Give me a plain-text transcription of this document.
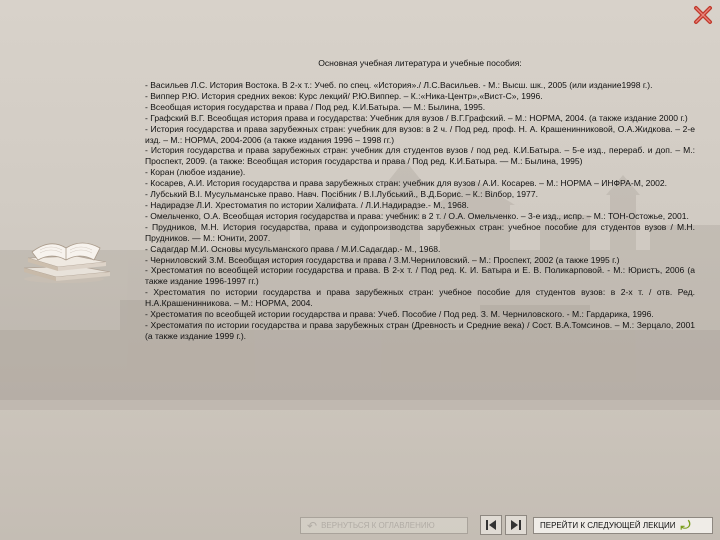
Основная учебная литература и учебные пособия:

- Васильев Л.С. История Востока. В 2-х т.: Учеб. по спец. «История»./ Л.С.Васильев. - М.: Высш. шк., 2005 (или издание1998 г.).

- Виппер Р.Ю. История средних веков: Курс лекций/ Р.Ю.Виппер. – К.:«Ника-Центр»,«Вист-С», 1996.

- Всеобщая история государства и права / Под ред. К.И.Батыра. — М.: Былина, 1995.

- Графский В.Г. Всеобщая история права и государства: Учебник для вузов / В.Г.Графский. – М.: НОРМА, 2004. (а также издание 2000 г.)

- История государства и права зарубежных стран: учебник для вузов: в 2 ч. / Под ред. проф. Н. А. Крашенинниковой, О.А.Жидкова. – 2-е изд. – М.: НОРМА, 2004-2006 (а также издания 1996 – 1998 гг.)

- История государства и права зарубежных стран: учебник для студентов вузов / под ред. К.И.Батыра. – 5-е изд., перераб. и доп. – М.: Проспект, 2009. (а также: Всеобщая история государства и права / Под ред. К.И.Батыра. — М.: Былина, 1995)

- Коран (любое издание).

- Косарев, А.И. История государства и права зарубежных стран: учебник для вузов / А.И. Косарев. – М.: НОРМА – ИНФРА-М, 2002.

- Лубський В.І. Мусульманське право. Навч. Посібник / В.І.Лубський., В.Д.Борис. – К.: Вілбор, 1977.

- Надирадзе Л.И. Хрестоматия по истории Халифата. / Л.И.Надирадзе.- М., 1968.

- Омельченко, О.А. Всеобщая история государства и права: учебник: в 2 т. / О.А. Омельченко. – 3-е изд., испр. – М.: ТОН-Остожье, 2001.

- Прудников, М.Н. История государства, права и судопроизводства зарубежных стран: учебное пособие для студентов вузов / М.Н. Прудников. — М.: Юнити, 2007.

- Садагдар М.И. Основы мусульманского права / М.И.Садагдар.- М., 1968.

- Черниловский З.М. Всеобщая история государства и права / З.М.Черниловский. – М.: Проспект, 2002 (а также 1995 г.)

- Хрестоматия по всеобщей истории государства и права. В 2-х т. / Под ред. К. И. Батыра и Е. В. Поликарповой. - М.: Юристъ, 2006 (а также издание 1996-1997 гг.)

- Хрестоматия по истории государства и права зарубежных стран: учебное пособие для студентов вузов: в 2-х т. / отв. Ред. Н.А.Крашенинникова. – М.: НОРМА, 2004.

- Хрестоматия по всеобщей истории государства и права: Учеб. Пособие / Под ред. З. М. Черниловского. - М.: Гардарика, 1996.

- Хрестоматия по истории государства и права зарубежных стран (Древность и Средние века) / Сост. В.А.Томсинов. – М.: Зерцало, 2001 (а также издание 1999 г.).

↶ ВЕРНУТЬСЯ К ОГЛАВЛЕНИЮ	ПЕРЕЙТИ К СЛЕДУЮЩЕЙ ЛЕКЦИИ ⤾
